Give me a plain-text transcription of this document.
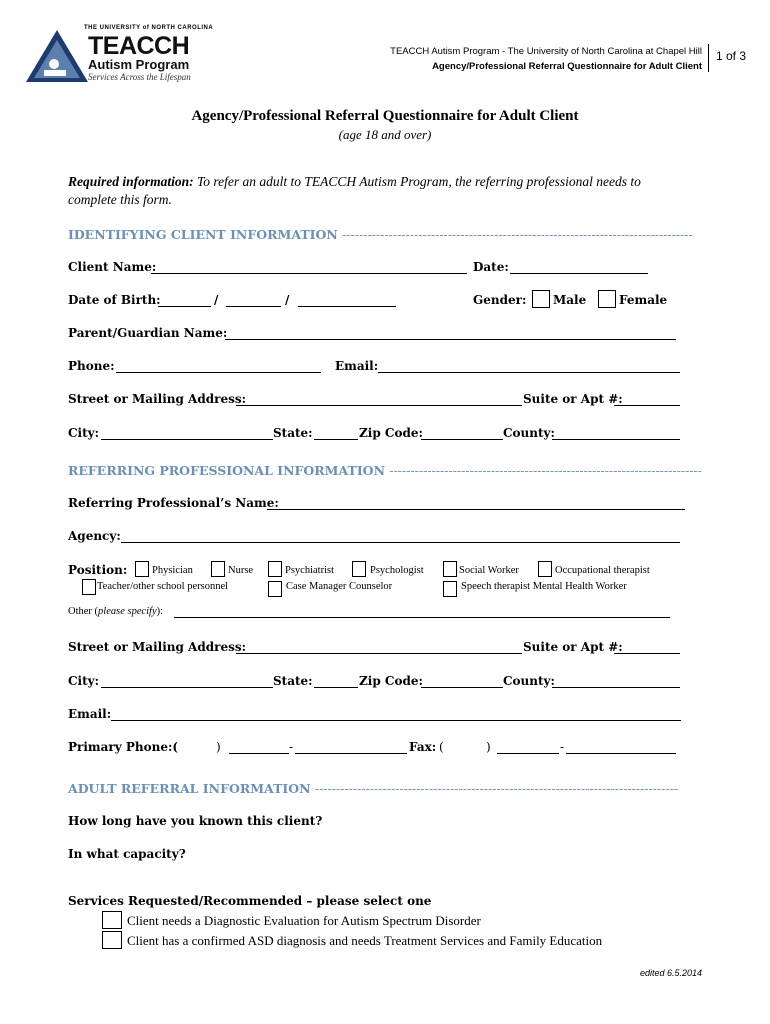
THE UNIVERSITY of NORTH CAROLINA
TEACCH
Autism Program
Services Across the Lifespan
TEACCH Autism Program - The University of North Carolina at Chapel Hill
Agency/Professional Referral Questionnaire for Adult Client
1 of 3
Agency/Professional Referral Questionnaire for Adult Client
(age 18 and over)
Required information: To refer an adult to TEACCH Autism Program, the referring professional needs to
complete this form.
IDENTIFYING CLIENT INFORMATION -----------------------------------------------------------------------------------
Client Name:	Date:
Date of Birth:	/	/	Gender: Male	Female
Parent/Guardian Name:
Phone:	Email:
Street or Mailing Address:	Suite or Apt #:
City:	State:	Zip Code:	County:
REFERRING PROFESSIONAL INFORMATION --------------------------------------------------------------------------
Referring Professional’s Name:
Agency:
Position: Physician	Nurse	Psychiatrist	Psychologist	Social Worker	Occupational therapist
Teacher/other school personnel	Case Manager Counselor	Speech therapist Mental Health Worker
Other (please specify):
Street or Mailing Address:	Suite or Apt #:
City:	State:	Zip Code:	County:
Email:
Primary Phone:(	)	-	Fax: (	)	-
ADULT REFERRAL INFORMATION --------------------------------------------------------------------------------------
How long have you known this client?
In what capacity?
Services Requested/Recommended – please select one
Client needs a Diagnostic Evaluation for Autism Spectrum Disorder
Client has a confirmed ASD diagnosis and needs Treatment Services and Family Education
edited 6.5.2014
